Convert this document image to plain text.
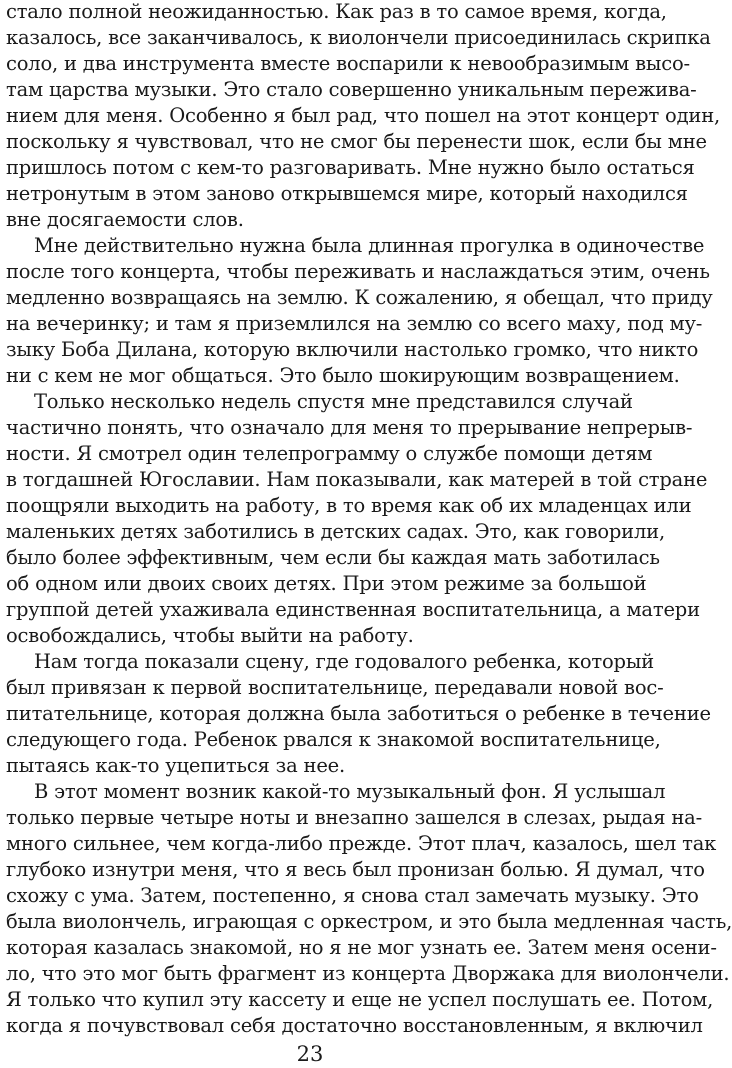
стало полной неожиданностью. Как раз в то самое время, когда,
казалось, все заканчивалось, к виолончели присоединилась скрипка
соло, и два инструмента вместе воспарили к невообразимым высо-
там царства музыки. Это стало совершенно уникальным пережива-
нием для меня. Особенно я был рад, что пошел на этот концерт один,
поскольку я чувствовал, что не смог бы перенести шок, если бы мне
пришлось потом с кем-то разговаривать. Мне нужно было остаться
нетронутым в этом заново открывшемся мире, который находился
вне досягаемости слов.
Мне действительно нужна была длинная прогулка в одиночестве
после того концерта, чтобы переживать и наслаждаться этим, очень
медленно возвращаясь на землю. К сожалению, я обещал, что приду
на вечеринку; и там я приземлился на землю со всего маху, под му-
зыку Боба Дилана, которую включили настолько громко, что никто
ни с кем не мог общаться. Это было шокирующим возвращением.
Только несколько недель спустя мне представился случай
частично понять, что означало для меня то прерывание непрерыв-
ности. Я смотрел один телепрограмму о службе помощи детям
в тогдашней Югославии. Нам показывали, как матерей в той стране
поощряли выходить на работу, в то время как об их младенцах или
маленьких детях заботились в детских садах. Это, как говорили,
было более эффективным, чем если бы каждая мать заботилась
об одном или двоих своих детях. При этом режиме за большой
группой детей ухаживала единственная воспитательница, а матери
освобождались, чтобы выйти на работу.
Нам тогда показали сцену, где годовалого ребенка, который
был привязан к первой воспитательнице, передавали новой вос-
питательнице, которая должна была заботиться о ребенке в течение
следующего года. Ребенок рвался к знакомой воспитательнице,
пытаясь как-то уцепиться за нее.
В этот момент возник какой-то музыкальный фон. Я услышал
только первые четыре ноты и внезапно зашелся в слезах, рыдая на-
много сильнее, чем когда-либо прежде. Этот плач, казалось, шел так
глубоко изнутри меня, что я весь был пронизан болью. Я думал, что
схожу с ума. Затем, постепенно, я снова стал замечать музыку. Это
была виолончель, играющая с оркестром, и это была медленная часть,
которая казалась знакомой, но я не мог узнать ее. Затем меня осени-
ло, что это мог быть фрагмент из концерта Дворжака для виолончели.
Я только что купил эту кассету и еще не успел послушать ее. Потом,
когда я почувствовал себя достаточно восстановленным, я включил
23
